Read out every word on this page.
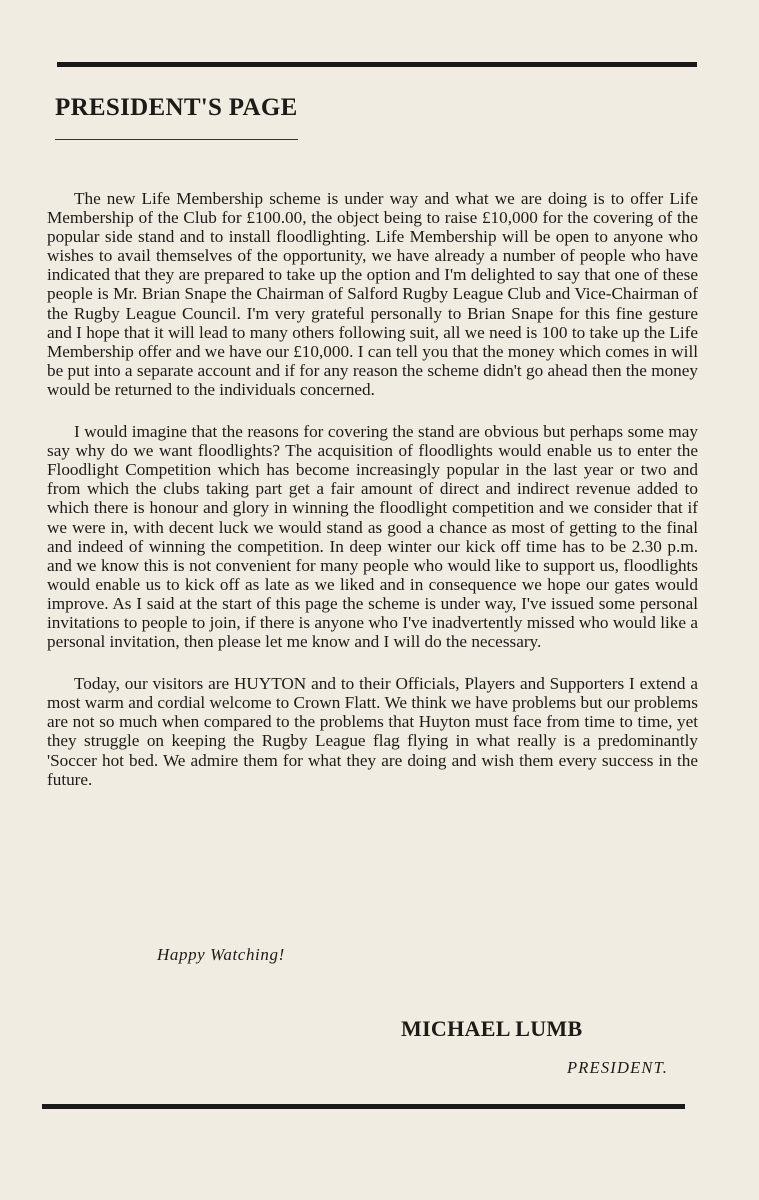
PRESIDENT'S PAGE

The new Life Membership scheme is under way and what we are doing is to offer Life Membership of the Club for £100.00, the object being to raise £10,000 for the covering of the popular side stand and to install floodlighting. Life Membership will be open to anyone who wishes to avail themselves of the opportunity, we have already a number of people who have indicated that they are prepared to take up the option and I'm delighted to say that one of these people is Mr. Brian Snape the Chairman of Salford Rugby League Club and Vice-Chairman of the Rugby League Council. I'm very grateful personally to Brian Snape for this fine gesture and I hope that it will lead to many others following suit, all we need is 100 to take up the Life Membership offer and we have our £10,000. I can tell you that the money which comes in will be put into a separate account and if for any reason the scheme didn't go ahead then the money would be returned to the individuals concerned.

I would imagine that the reasons for covering the stand are obvious but perhaps some may say why do we want floodlights? The acquisition of floodlights would enable us to enter the Floodlight Competition which has become increasingly popular in the last year or two and from which the clubs taking part get a fair amount of direct and indirect revenue added to which there is honour and glory in winning the floodlight competition and we consider that if we were in, with decent luck we would stand as good a chance as most of getting to the final and indeed of winning the competition. In deep winter our kick off time has to be 2.30 p.m. and we know this is not convenient for many people who would like to support us, floodlights would enable us to kick off as late as we liked and in consequence we hope our gates would improve. As I said at the start of this page the scheme is under way, I've issued some personal invitations to people to join, if there is anyone who I've inadvertently missed who would like a personal invitation, then please let me know and I will do the necessary.

Today, our visitors are HUYTON and to their Officials, Players and Supporters I extend a most warm and cordial welcome to Crown Flatt. We think we have problems but our problems are not so much when compared to the problems that Huyton must face from time to time, yet they struggle on keeping the Rugby League flag flying in what really is a predominantly 'Soccer hot bed. We admire them for what they are doing and wish them every success in the future.

Happy Watching!
MICHAEL LUMB
PRESIDENT.
